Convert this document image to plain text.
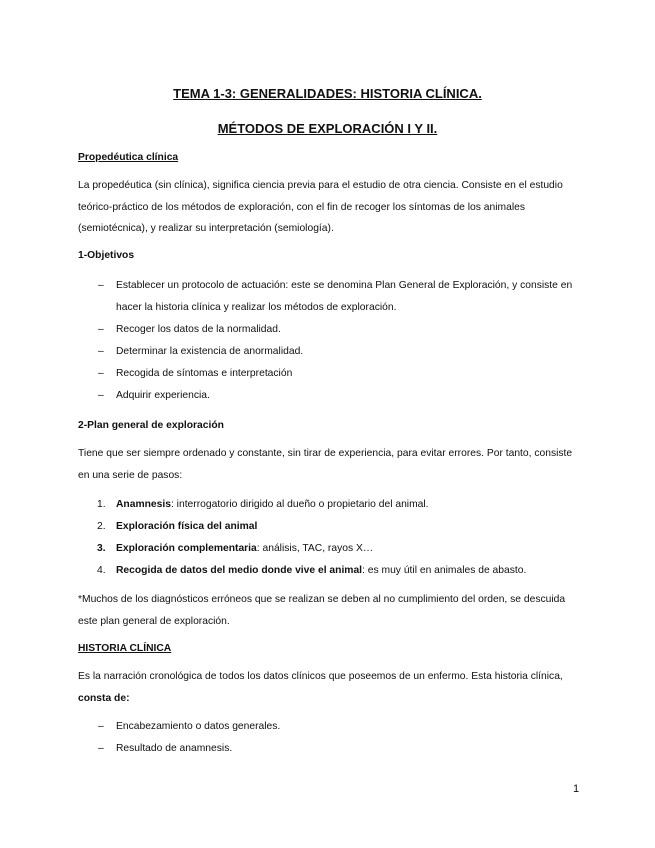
TEMA 1-3: GENERALIDADES: HISTORIA CLÍNICA.
MÉTODOS DE EXPLORACIÓN I Y II.
Propedéutica clínica

La propedéutica (sin clínica), significa ciencia previa para el estudio de otra ciencia. Consiste en el estudio teórico-práctico de los métodos de exploración, con el fin de recoger los síntomas de los animales (semiotécnica), y realizar su interpretación (semiología).

1-Objetivos
– Establecer un protocolo de actuación: este se denomina Plan General de Exploración, y consiste en hacer la historia clínica y realizar los métodos de exploración.
– Recoger los datos de la normalidad.
– Determinar la existencia de anormalidad.
– Recogida de síntomas e interpretación
– Adquirir experiencia.
2-Plan general de exploración

Tiene que ser siempre ordenado y constante, sin tirar de experiencia, para evitar errores. Por tanto, consiste en una serie de pasos:

1. Anamnesis: interrogatorio dirigido al dueño o propietario del animal.
2. Exploración física del animal
3. Exploración complementaria: análisis, TAC, rayos X…
4. Recogida de datos del medio donde vive el animal: es muy útil en animales de abasto.

*Muchos de los diagnósticos erróneos que se realizan se deben al no cumplimiento del orden, se descuida este plan general de exploración.

HISTORIA CLÍNICA

Es la narración cronológica de todos los datos clínicos que poseemos de un enfermo. Esta historia clínica, consta de:

– Encabezamiento o datos generales.
– Resultado de anamnesis.
1
